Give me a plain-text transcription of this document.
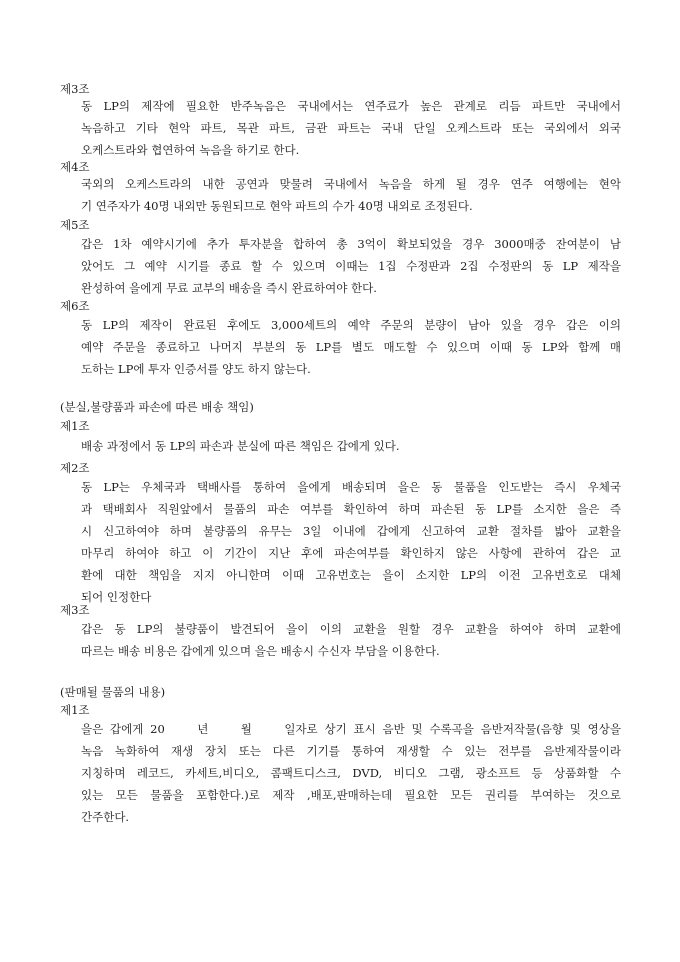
제3조
동 LP의 제작에 필요한 반주녹음은 국내에서는 연주료가 높은 관계로 리듬 파트만 국내에서
녹음하고 기타 현악 파트, 목관 파트, 금관 파트는 국내 단일 오케스트라 또는 국외에서 외국
오케스트라와 협연하여 녹음을 하기로 한다.
제4조
국외의 오케스트라의 내한 공연과 맞물려 국내에서 녹음을 하게 될 경우 연주 여행에는 현악
기 연주자가 40명 내외만 동원되므로 현악 파트의 수가 40명 내외로 조정된다.
제5조
갑은 1차 예약시기에 추가 투자분을 합하여 총 3억이 확보되었을 경우 3000매중 잔여분이 남
았어도 그 예약 시기를 종료 할 수 있으며 이때는 1집 수정판과 2집 수정판의 동 LP 제작을
완성하여 을에게 무료 교부의 배송을 즉시 완료하여야 한다.
제6조
동 LP의 제작이 완료된 후에도 3,000세트의 예약 주문의 분량이 남아 있을 경우 갑은 이의
예약 주문을 종료하고 나머지 부분의 동 LP를 별도 매도할 수 있으며 이때 동 LP와 함께 매
도하는 LP에 투자 인증서를 양도 하지 않는다.
(분실,불량품과 파손에 따른 배송 책임)
제1조
배송 과정에서 동 LP의 파손과 분실에 따른 책임은 갑에게 있다.
제2조
동 LP는 우체국과 택배사를 통하여 을에게 배송되며 을은 동 물품을 인도받는 즉시 우체국
과 택배회사 직원앞에서 물품의 파손 여부를 확인하여 하며 파손된 동 LP를 소지한 을은 즉
시 신고하여야 하며 불량품의 유무는 3일 이내에 갑에게 신고하여 교환 절차를 밟아 교환을
마무리 하여야 하고 이 기간이 지난 후에 파손여부를 확인하지 않은 사항에 관하여 갑은 교
환에 대한 책임을 지지 아니한며 이때 고유번호는 을이 소지한 LP의 이전 고유번호로 대체
되어 인정한다
제3조
갑은 동 LP의 불량품이 발견되어 을이 이의 교환을 원할 경우 교환을 하여야 하며 교환에
따르는 배송 비용은 갑에게 있으며 을은 배송시 수신자 부담을 이용한다.
(판매될 물품의 내용)
제1조
을은 갑에게 20　　년　　월　　일자로 상기 표시 음반 및 수록곡을 음반저작물(음향 및 영상을
녹음 녹화하여 재생 장치 또는 다른 기기를 통하여 재생할 수 있는 전부를 음반제작물이라
지칭하며 레코드, 카세트,비디오, 콤팩트디스크, DVD, 비디오 그램, 광소프트 등 상품화할 수
있는 모든 물품을 포함한다.)로 제작 ,배포,판매하는데 필요한 모든 권리를 부여하는 것으로
간주한다.
